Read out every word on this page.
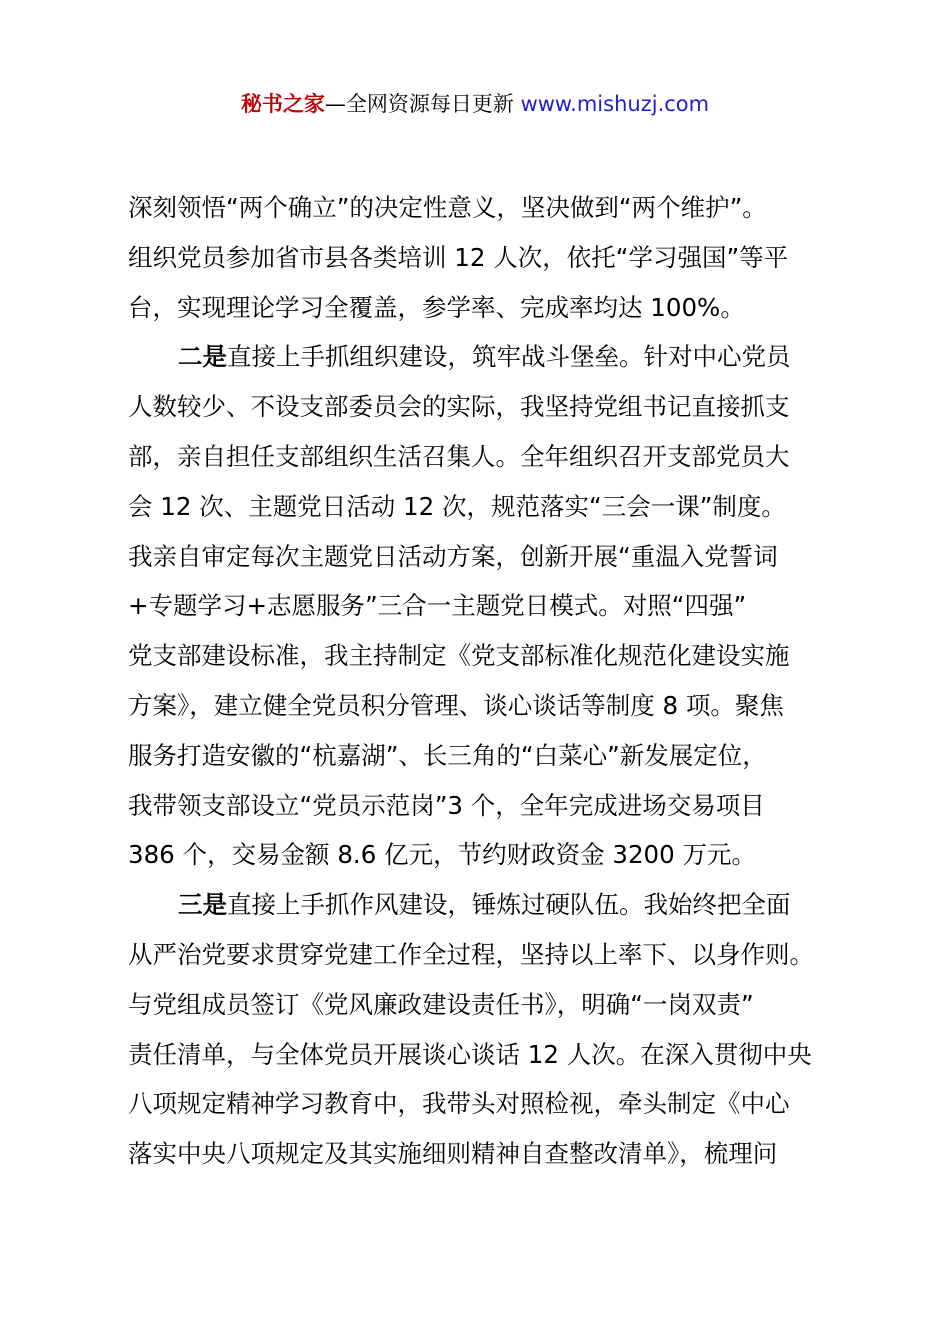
秘书之家—全网资源每日更新 www.mishuzj.com
深刻领悟“两个确立”的决定性意义，坚决做到“两个维护”。
组织党员参加省市县各类培训 12 人次，依托“学习强国”等平
台，实现理论学习全覆盖，参学率、完成率均达 100%。
二是直接上手抓组织建设，筑牢战斗堡垒。针对中心党员
人数较少、不设支部委员会的实际，我坚持党组书记直接抓支
部，亲自担任支部组织生活召集人。全年组织召开支部党员大
会 12 次、主题党日活动 12 次，规范落实“三会一课”制度。
我亲自审定每次主题党日活动方案，创新开展“重温入党誓词
+专题学习+志愿服务”三合一主题党日模式。对照“四强”
党支部建设标准，我主持制定《党支部标准化规范化建设实施
方案》，建立健全党员积分管理、谈心谈话等制度 8 项。聚焦
服务打造安徽的“杭嘉湖”、长三角的“白菜心”新发展定位，
我带领支部设立“党员示范岗”3 个，全年完成进场交易项目
386 个，交易金额 8.6 亿元，节约财政资金 3200 万元。
三是直接上手抓作风建设，锤炼过硬队伍。我始终把全面
从严治党要求贯穿党建工作全过程，坚持以上率下、以身作则。
与党组成员签订《党风廉政建设责任书》，明确“一岗双责”
责任清单，与全体党员开展谈心谈话 12 人次。在深入贯彻中央
八项规定精神学习教育中，我带头对照检视，牵头制定《中心
落实中央八项规定及其实施细则精神自查整改清单》，梳理问
